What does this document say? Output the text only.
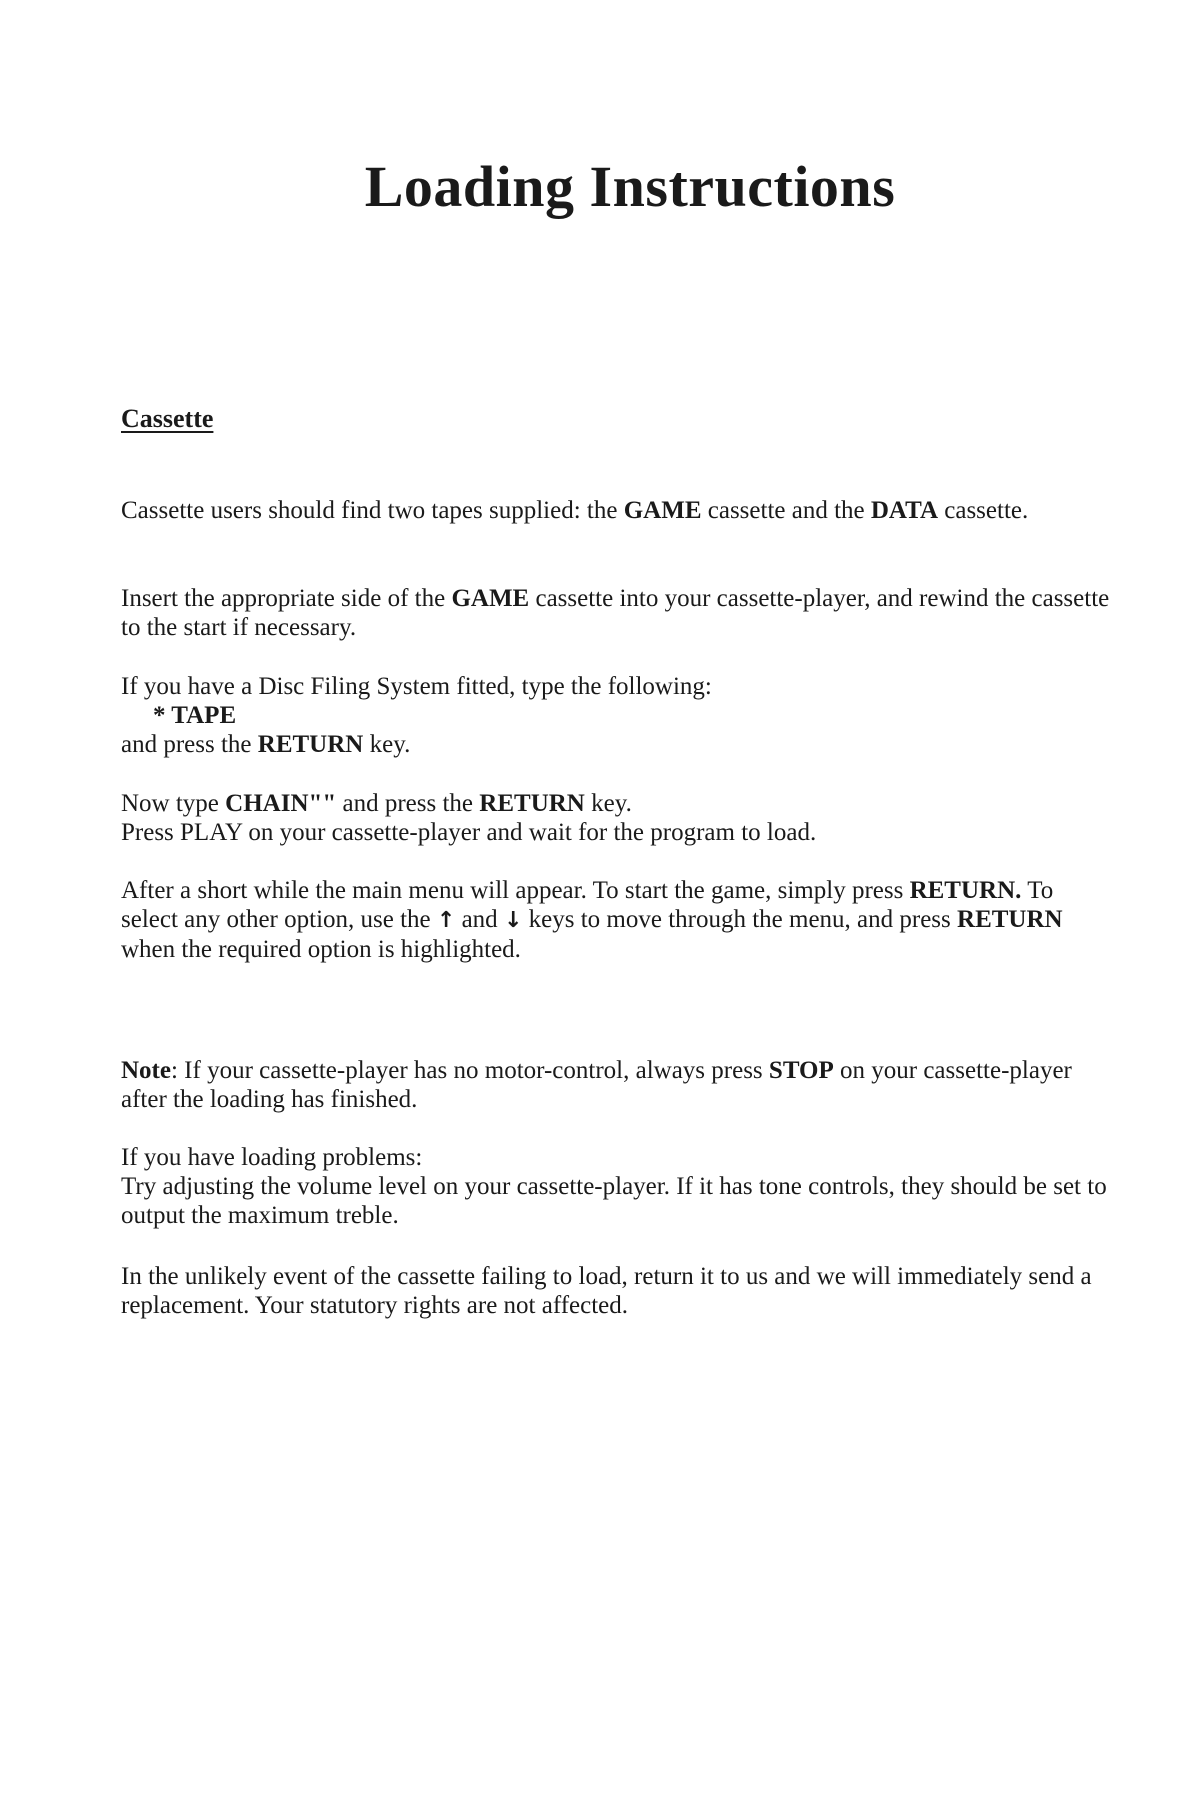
Loading Instructions
Cassette

Cassette users should find two tapes supplied: the GAME cassette and the DATA cassette.

Insert the appropriate side of the GAME cassette into your cassette-player, and rewind the cassette to the start if necessary.

If you have a Disc Filing System fitted, type the following:
* TAPE
and press the RETURN key.

Now type CHAIN"" and press the RETURN key.
Press PLAY on your cassette-player and wait for the program to load.

After a short while the main menu will appear. To start the game, simply press RETURN. To select any other option, use the ↑ and ↓ keys to move through the menu, and press RETURN when the required option is highlighted.

Note: If your cassette-player has no motor-control, always press STOP on your cassette-player after the loading has finished.

If you have loading problems:
Try adjusting the volume level on your cassette-player. If it has tone controls, they should be set to output the maximum treble.

In the unlikely event of the cassette failing to load, return it to us and we will immediately send a replacement. Your statutory rights are not affected.
